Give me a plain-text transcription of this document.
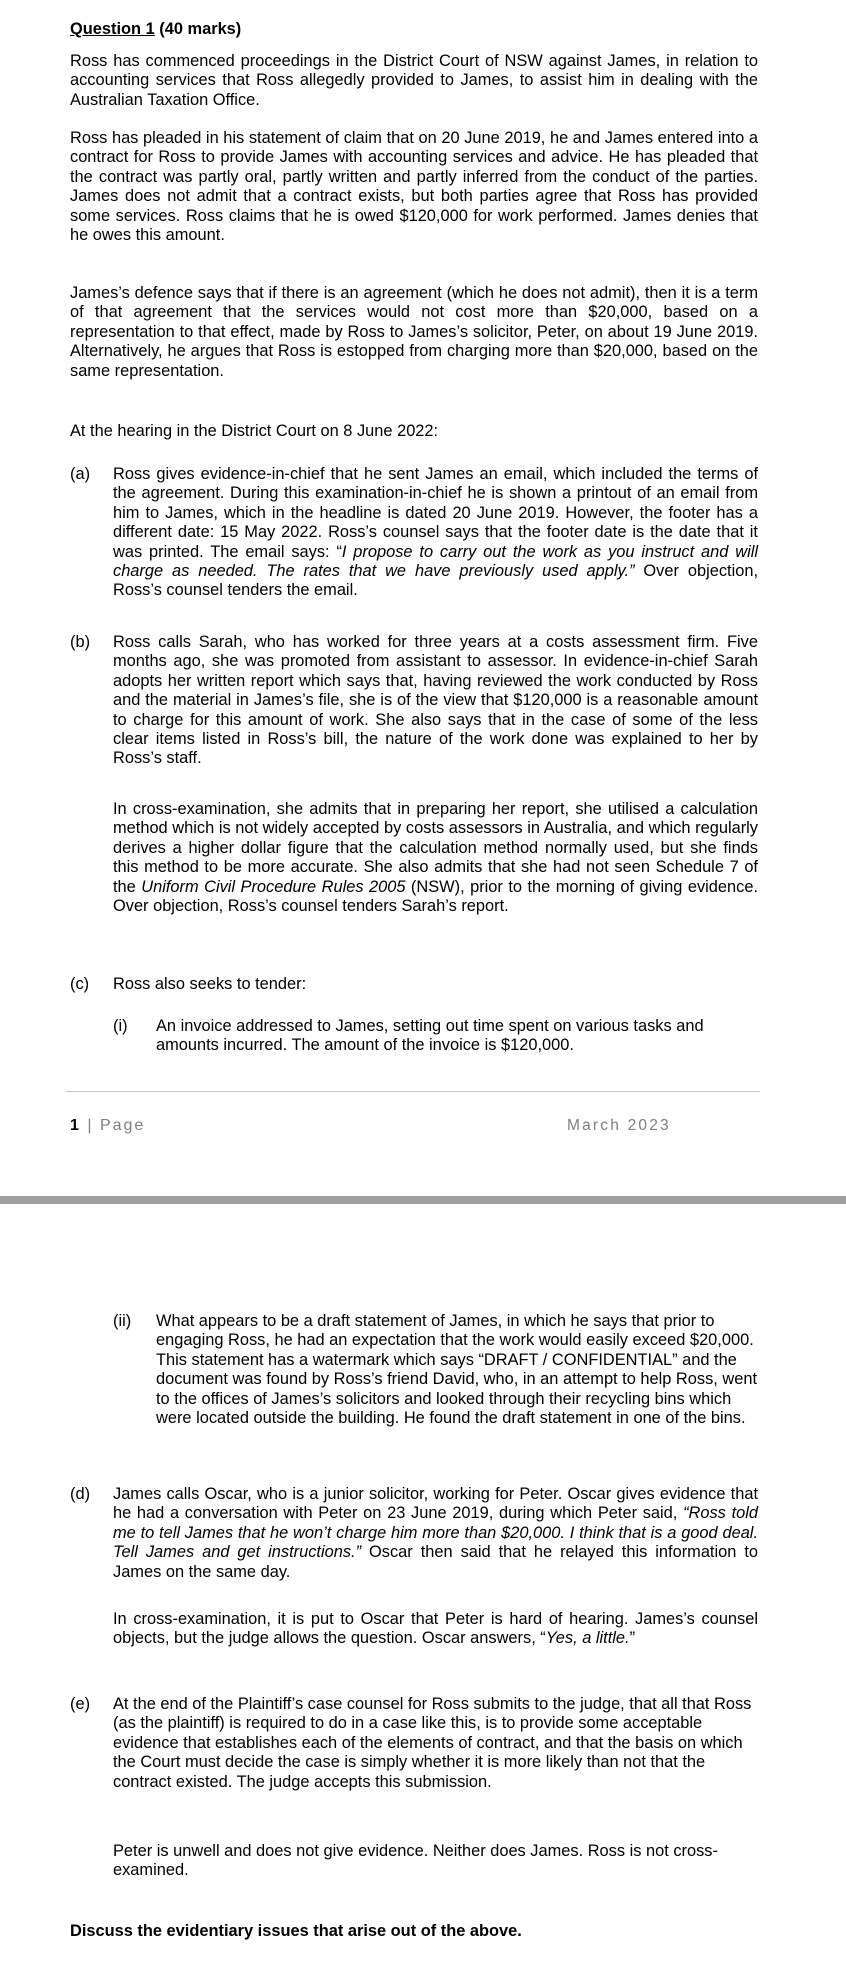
Question 1 (40 marks)

Ross has commenced proceedings in the District Court of NSW against James, in relation to accounting services that Ross allegedly provided to James, to assist him in dealing with the Australian Taxation Office.

Ross has pleaded in his statement of claim that on 20 June 2019, he and James entered into a contract for Ross to provide James with accounting services and advice. He has pleaded that the contract was partly oral, partly written and partly inferred from the conduct of the parties. James does not admit that a contract exists, but both parties agree that Ross has provided some services. Ross claims that he is owed $120,000 for work performed. James denies that he owes this amount.

James’s defence says that if there is an agreement (which he does not admit), then it is a term of that agreement that the services would not cost more than $20,000, based on a representation to that effect, made by Ross to James’s solicitor, Peter, on about 19 June 2019. Alternatively, he argues that Ross is estopped from charging more than $20,000, based on the same representation.

At the hearing in the District Court on 8 June 2022:

(a) Ross gives evidence-in-chief that he sent James an email, which included the terms of the agreement. During this examination-in-chief he is shown a printout of an email from him to James, which in the headline is dated 20 June 2019. However, the footer has a different date: 15 May 2022. Ross’s counsel says that the footer date is the date that it was printed. The email says: “I propose to carry out the work as you instruct and will charge as needed. The rates that we have previously used apply.” Over objection, Ross’s counsel tenders the email.

(b) Ross calls Sarah, who has worked for three years at a costs assessment firm. Five months ago, she was promoted from assistant to assessor. In evidence-in-chief Sarah adopts her written report which says that, having reviewed the work conducted by Ross and the material in James’s file, she is of the view that $120,000 is a reasonable amount to charge for this amount of work. She also says that in the case of some of the less clear items listed in Ross’s bill, the nature of the work done was explained to her by Ross’s staff.

In cross-examination, she admits that in preparing her report, she utilised a calculation method which is not widely accepted by costs assessors in Australia, and which regularly derives a higher dollar figure that the calculation method normally used, but she finds this method to be more accurate. She also admits that she had not seen Schedule 7 of the Uniform Civil Procedure Rules 2005 (NSW), prior to the morning of giving evidence. Over objection, Ross’s counsel tenders Sarah’s report.

(c) Ross also seeks to tender:

(i) An invoice addressed to James, setting out time spent on various tasks and amounts incurred. The amount of the invoice is $120,000.

1 | Page	March 2023
(ii) What appears to be a draft statement of James, in which he says that prior to engaging Ross, he had an expectation that the work would easily exceed $20,000. This statement has a watermark which says “DRAFT / CONFIDENTIAL” and the document was found by Ross’s friend David, who, in an attempt to help Ross, went to the offices of James’s solicitors and looked through their recycling bins which were located outside the building. He found the draft statement in one of the bins.

(d) James calls Oscar, who is a junior solicitor, working for Peter. Oscar gives evidence that he had a conversation with Peter on 23 June 2019, during which Peter said, “Ross told me to tell James that he won’t charge him more than $20,000. I think that is a good deal. Tell James and get instructions.” Oscar then said that he relayed this information to James on the same day.

In cross-examination, it is put to Oscar that Peter is hard of hearing. James’s counsel objects, but the judge allows the question. Oscar answers, “Yes, a little.”

(e) At the end of the Plaintiff’s case counsel for Ross submits to the judge, that all that Ross (as the plaintiff) is required to do in a case like this, is to provide some acceptable evidence that establishes each of the elements of contract, and that the basis on which the Court must decide the case is simply whether it is more likely than not that the contract existed. The judge accepts this submission.

Peter is unwell and does not give evidence. Neither does James. Ross is not cross-examined.

Discuss the evidentiary issues that arise out of the above.
